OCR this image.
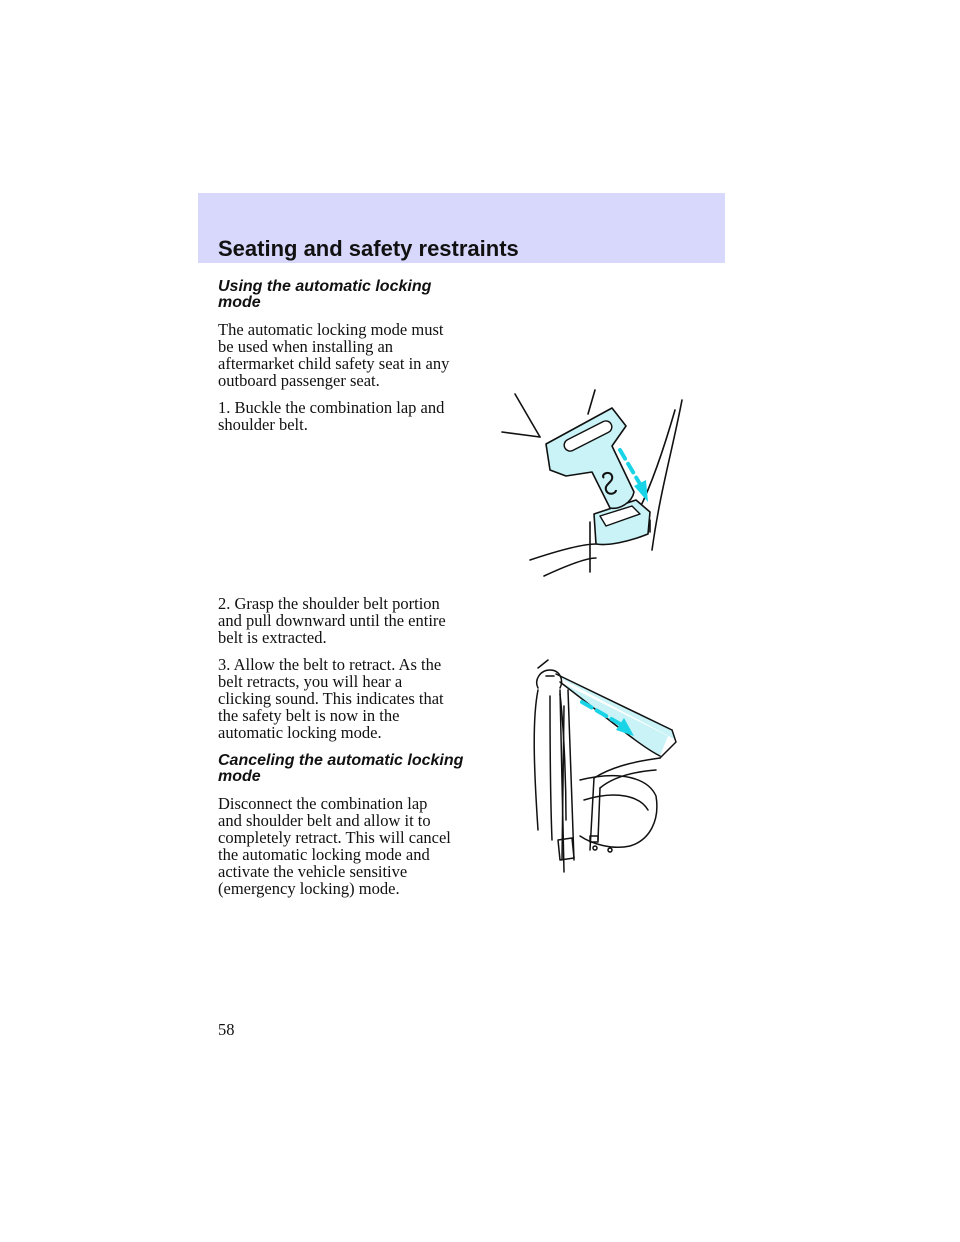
Seating and safety restraints
Using the automatic locking
mode

The automatic locking mode must
be used when installing an
aftermarket child safety seat in any
outboard passenger seat.

1. Buckle the combination lap and
shoulder belt.

2. Grasp the shoulder belt portion
and pull downward until the entire
belt is extracted.

3. Allow the belt to retract. As the
belt retracts, you will hear a
clicking sound. This indicates that
the safety belt is now in the
automatic locking mode.

Canceling the automatic locking
mode

Disconnect the combination lap
and shoulder belt and allow it to
completely retract. This will cancel
the automatic locking mode and
activate the vehicle sensitive
(emergency locking) mode.

58
